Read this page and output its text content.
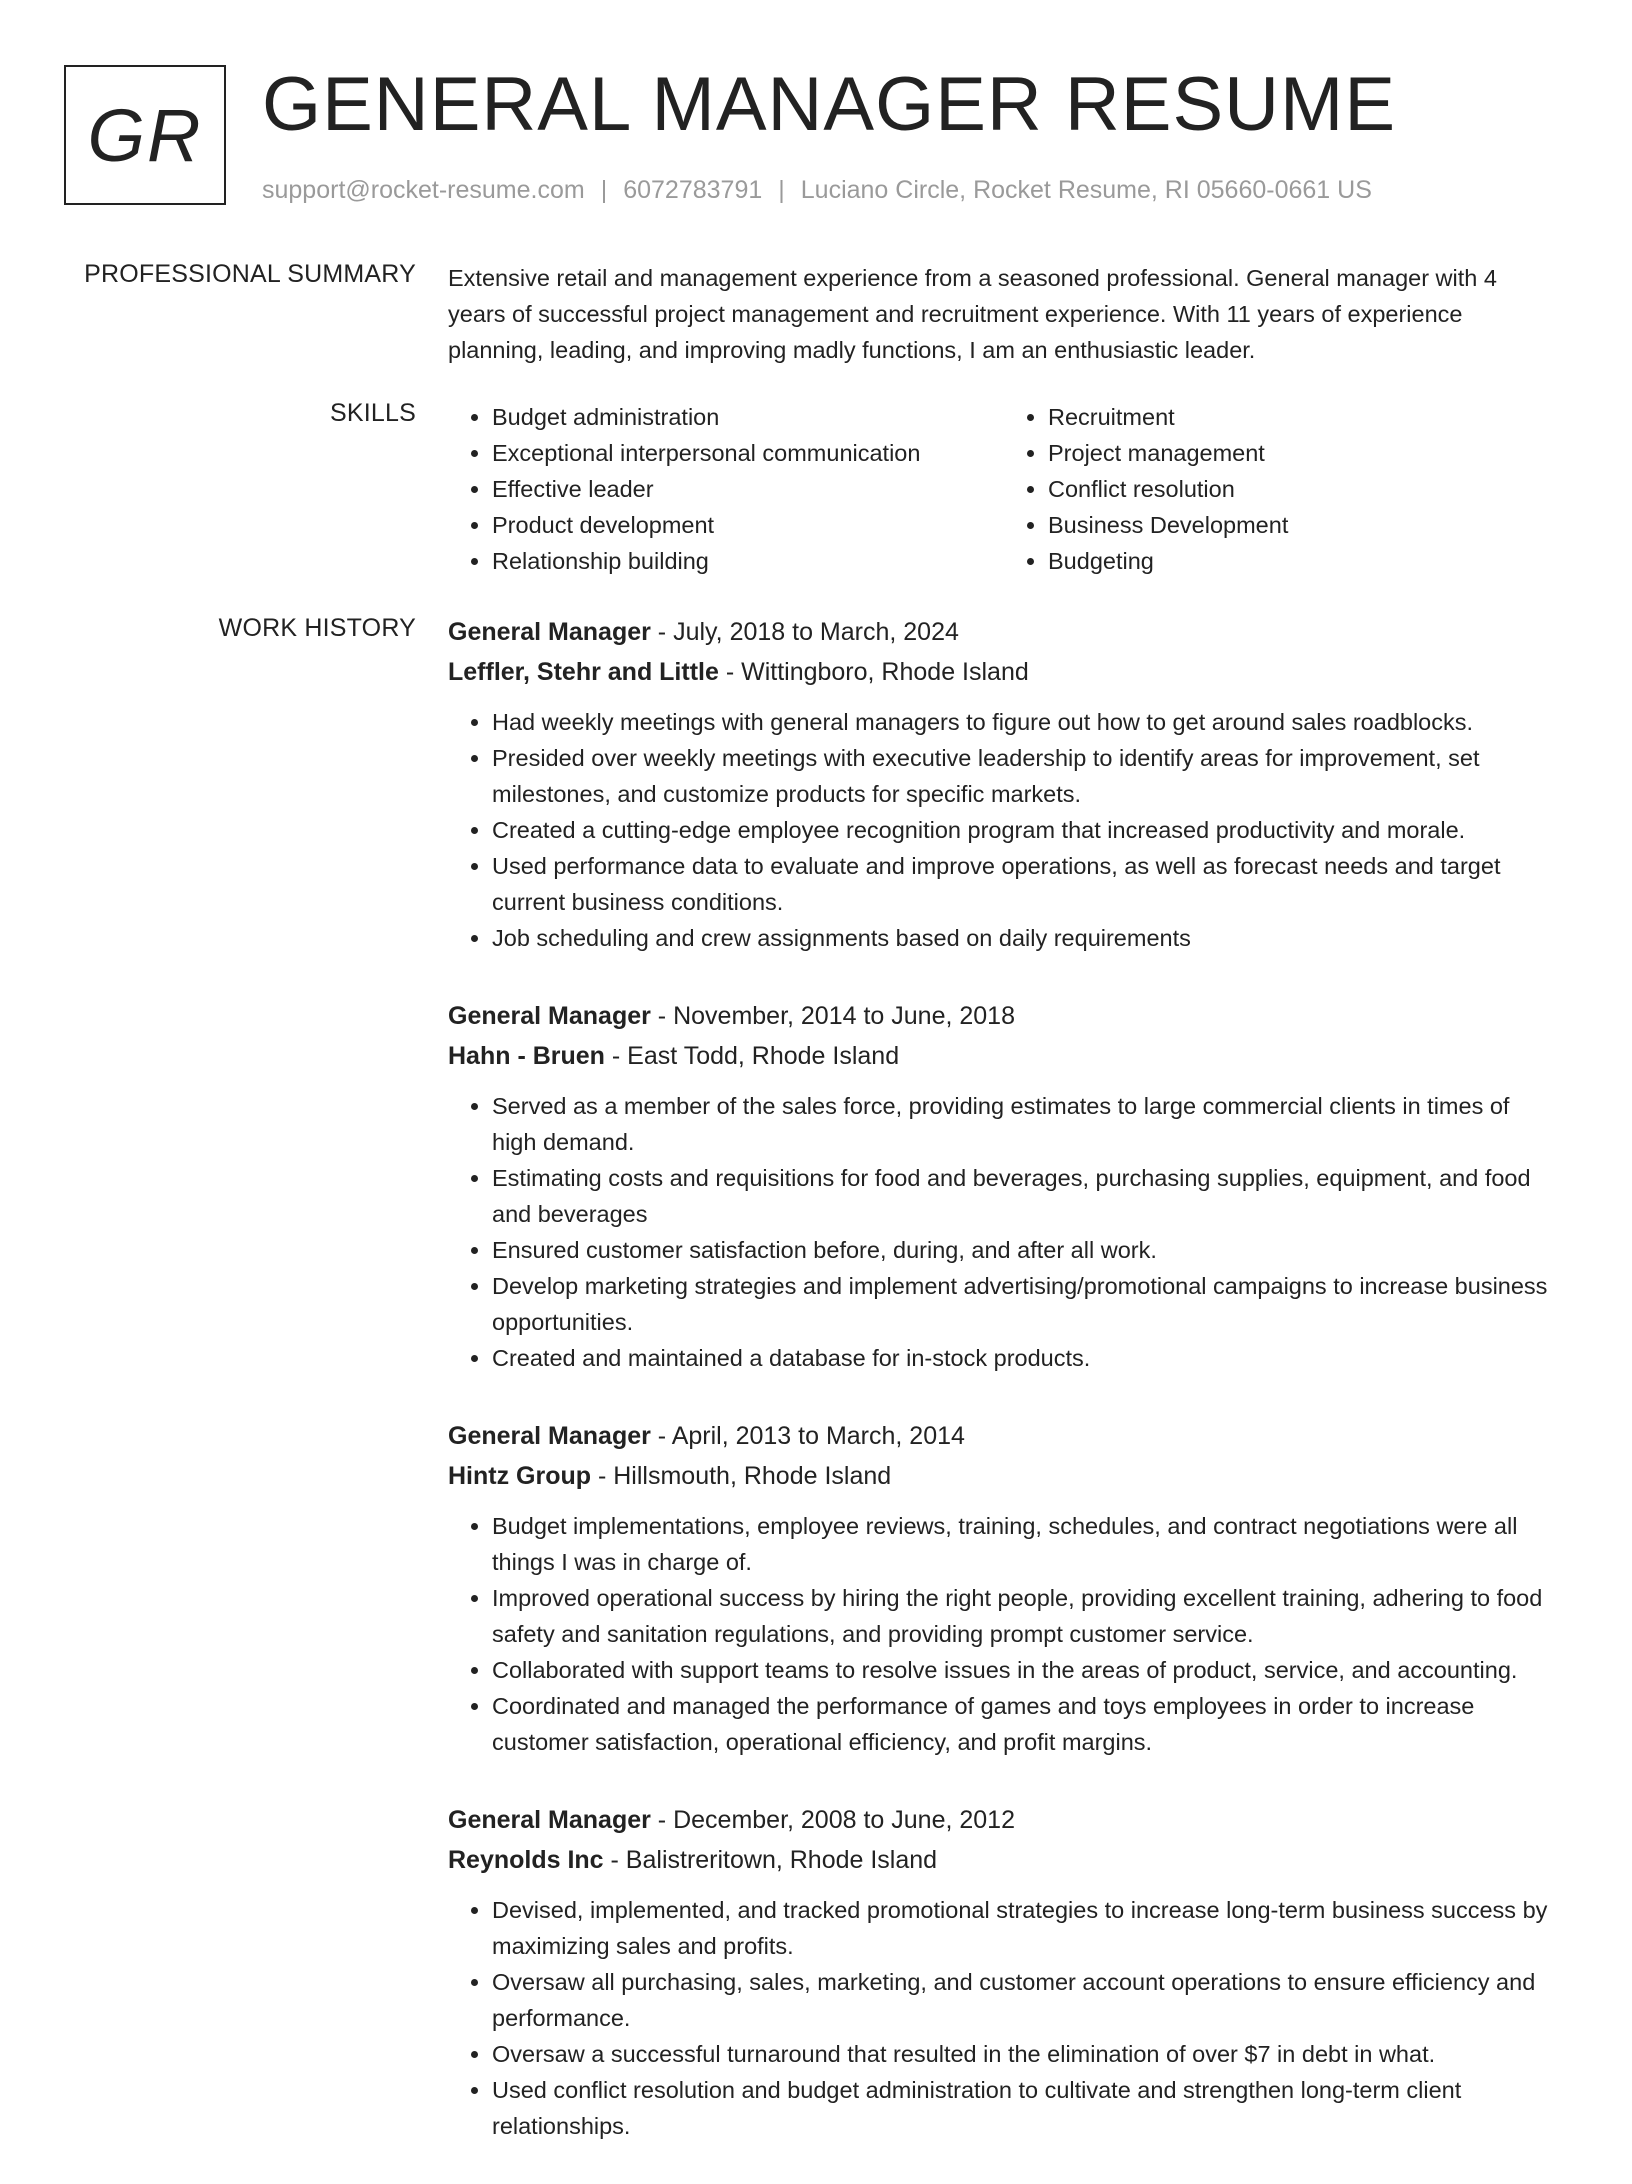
GR GENERAL MANAGER RESUME
support@rocket-resume.com | 6072783791 | Luciano Circle, Rocket Resume, RI 05660-0661 US
PROFESSIONAL SUMMARY Extensive retail and management experience from a seasoned professional. General manager with 4 years of successful project management and recruitment experience. With 11 years of experience planning, leading, and improving madly functions, I am an enthusiastic leader.

SKILLS
•	Budget administration
• Exceptional interpersonal communication
• Effective leader
• Product development
• Relationship building
• Recruitment
• Project management
• Conflict resolution
• Business Development
• Budgeting
WORK HISTORY General Manager - July, 2018 to March, 2024

Leffler, Stehr and Little - Wittingboro, Rhode Island

• Had weekly meetings with general managers to figure out how to get around sales roadblocks.
• Presided over weekly meetings with executive leadership to identify areas for improvement, set milestones, and customize products for specific markets.
• Created a cutting-edge employee recognition program that increased productivity and morale.
• Used performance data to evaluate and improve operations, as well as forecast needs and target current business conditions.
• Job scheduling and crew assignments based on daily requirements

General Manager - November, 2014 to June, 2018

Hahn - Bruen - East Todd, Rhode Island

• Served as a member of the sales force, providing estimates to large commercial clients in times of high demand.
• Estimating costs and requisitions for food and beverages, purchasing supplies, equipment, and food and beverages
• Ensured customer satisfaction before, during, and after all work.
• Develop marketing strategies and implement advertising/promotional campaigns to increase business opportunities.
• Created and maintained a database for in-stock products.

General Manager - April, 2013 to March, 2014

Hintz Group - Hillsmouth, Rhode Island

• Budget implementations, employee reviews, training, schedules, and contract negotiations were all things I was in charge of.
• Improved operational success by hiring the right people, providing excellent training, adhering to food safety and sanitation regulations, and providing prompt customer service.
• Collaborated with support teams to resolve issues in the areas of product, service, and accounting.
• Coordinated and managed the performance of games and toys employees in order to increase customer satisfaction, operational efficiency, and profit margins.

General Manager - December, 2008 to June, 2012

Reynolds Inc - Balistreritown, Rhode Island

• Devised, implemented, and tracked promotional strategies to increase long-term business success by maximizing sales and profits.
• Oversaw all purchasing, sales, marketing, and customer account operations to ensure efficiency and performance.
• Oversaw a successful turnaround that resulted in the elimination of over $7 in debt in what.
• Used conflict resolution and budget administration to cultivate and strengthen long-term client relationships.
